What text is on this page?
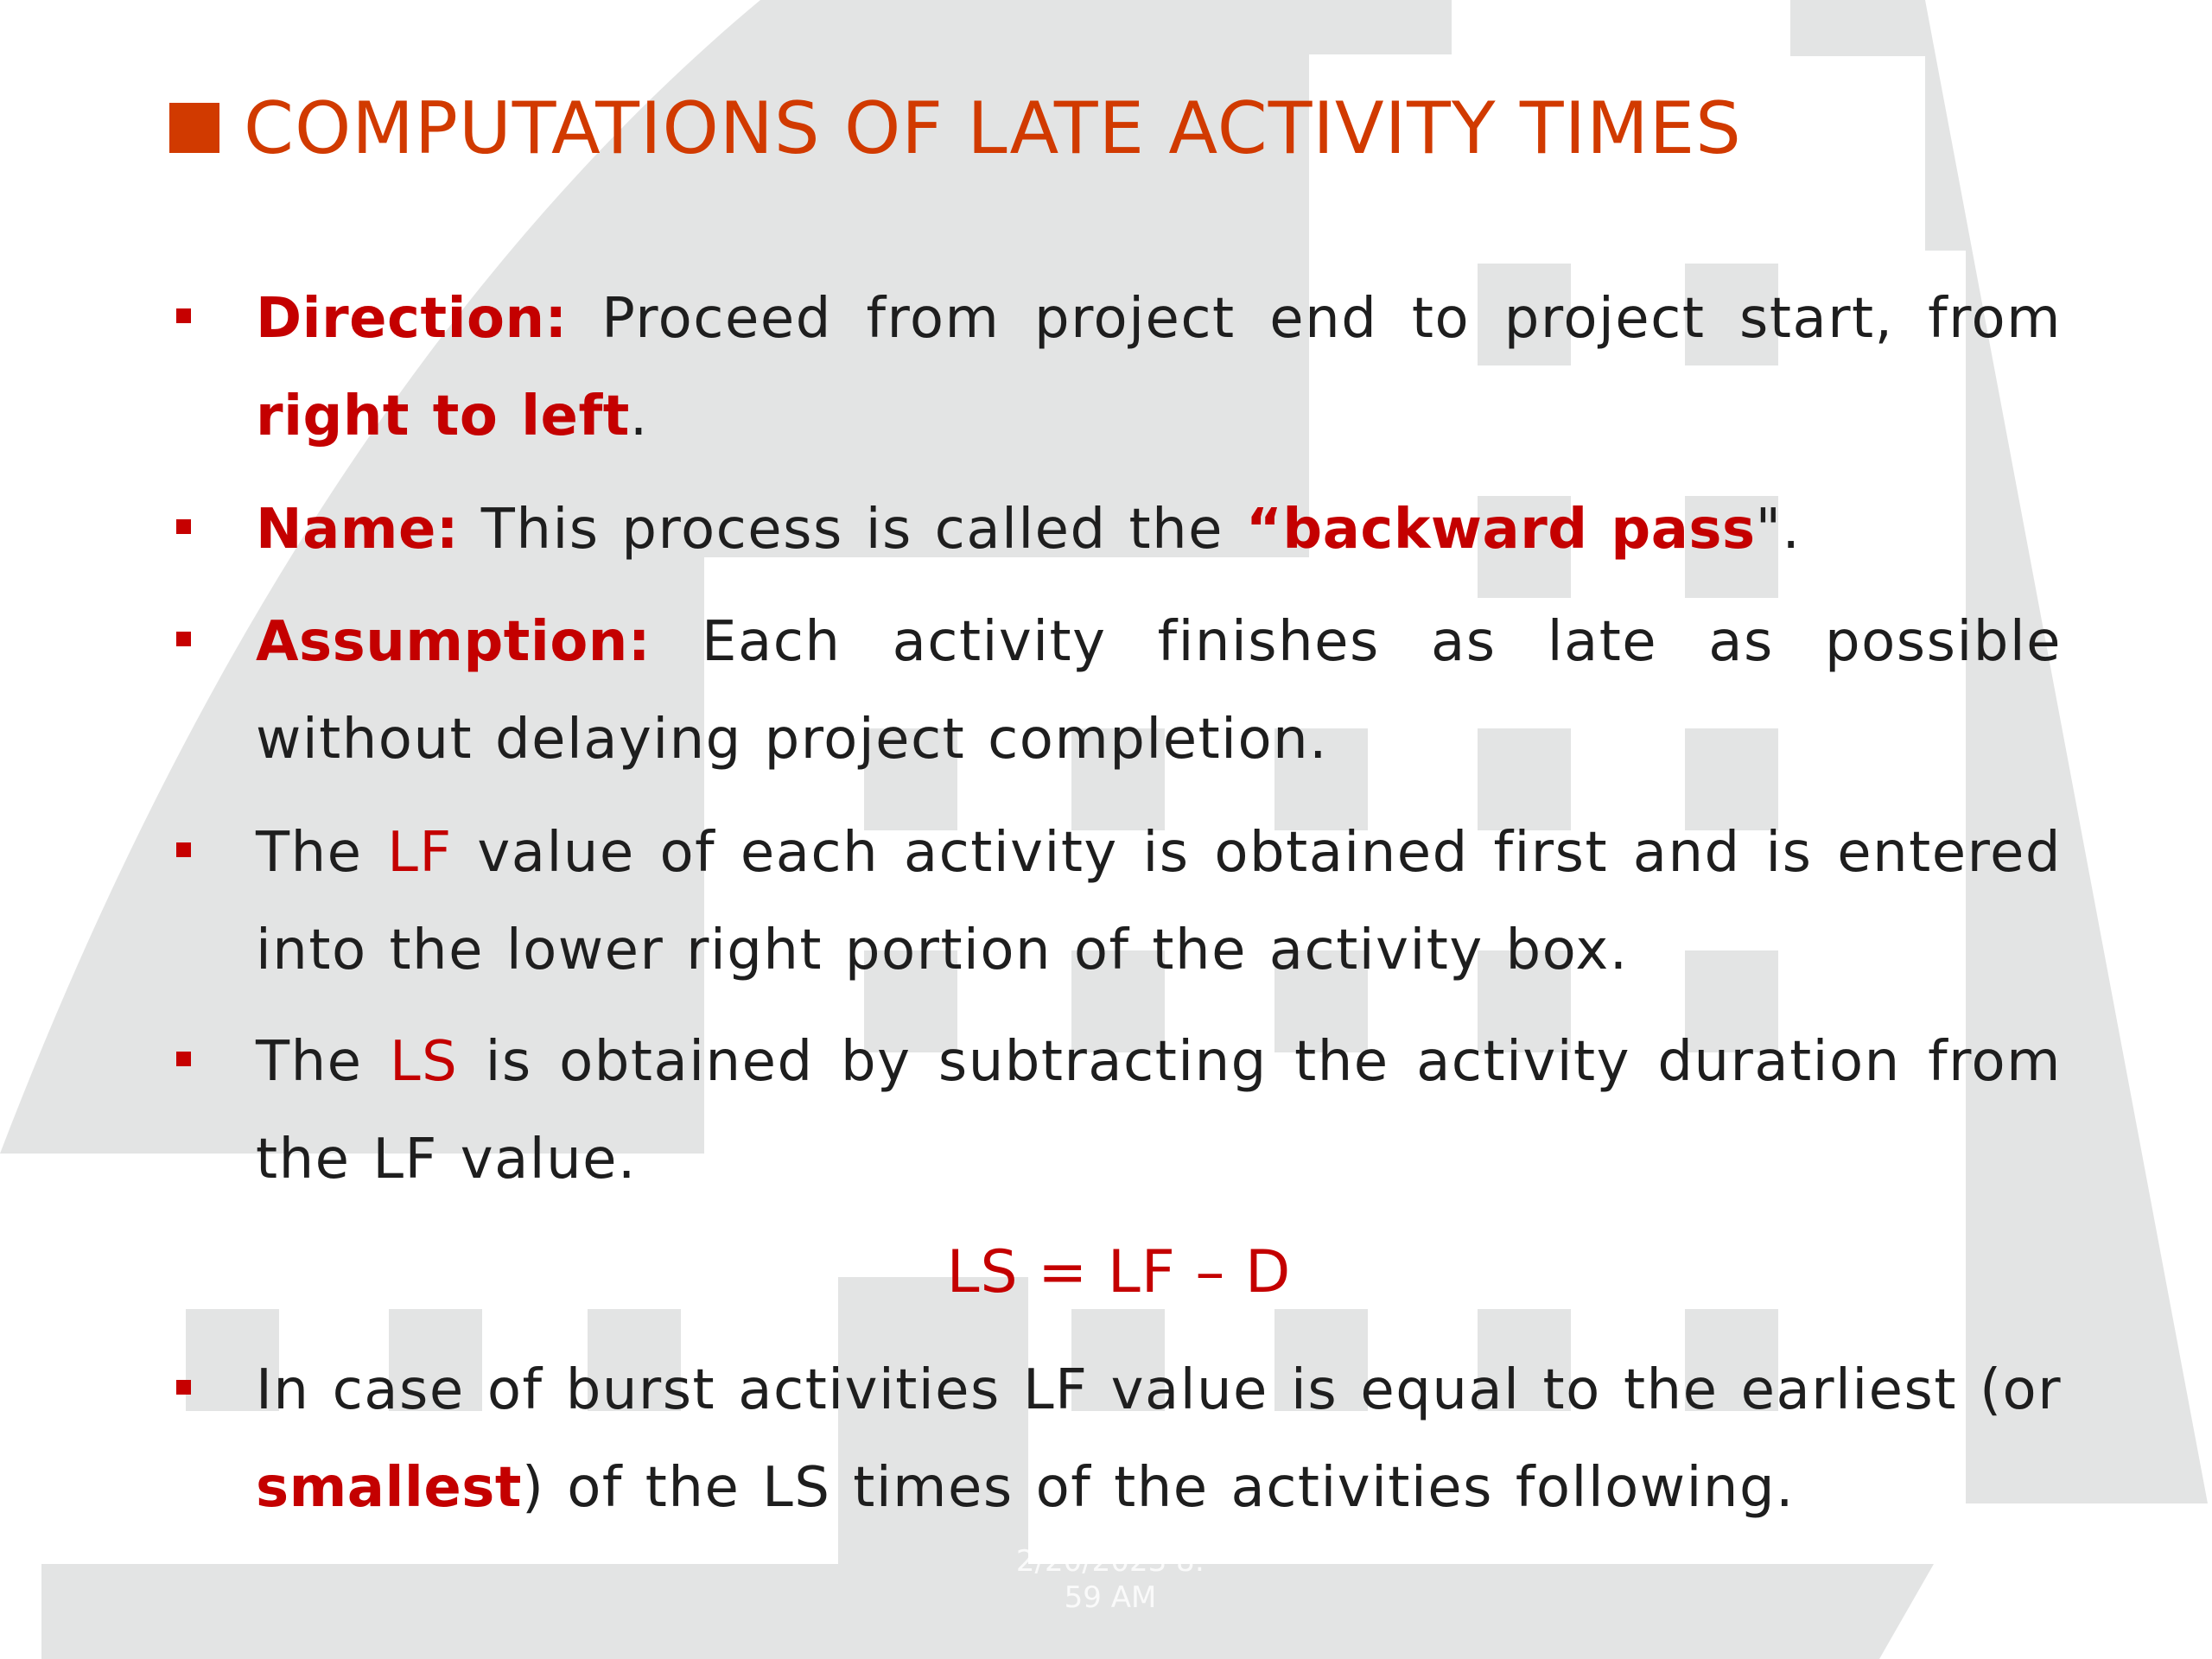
COMPUTATIONS OF LATE ACTIVITY TIMES
Direction: Proceed from project end to project start, from right to left.
Name: This process is called the “backward pass".
Assumption: Each activity finishes as late as possible without delaying project completion.
The LF value of each activity is obtained first and is entered into the lower right portion of the activity box.
The LS is obtained by subtracting the activity duration from the LF value.
LS = LF – D
In case of burst activities LF value is equal to the earliest (or smallest) of the LS times of the activities following.
2/20/2023 8:
59 AM
